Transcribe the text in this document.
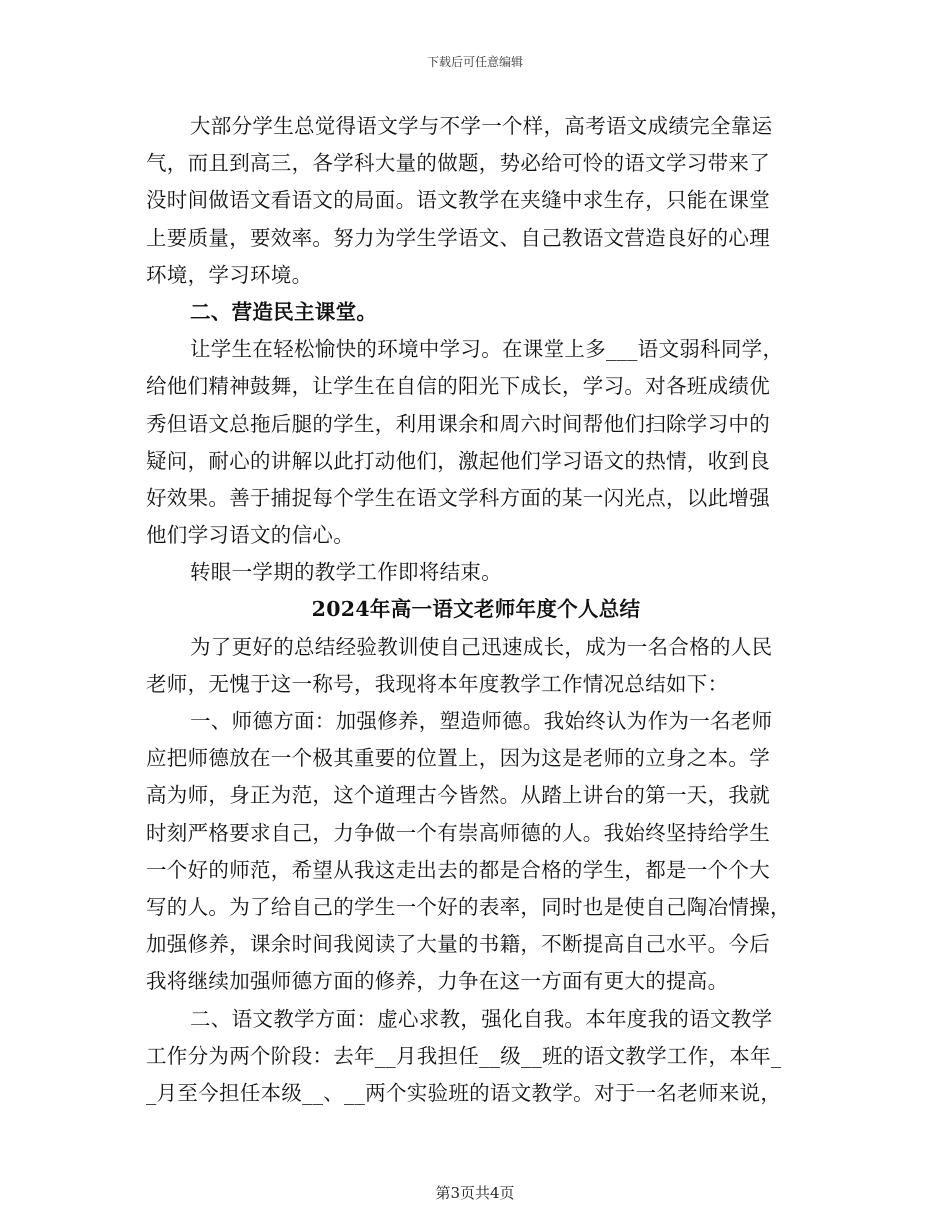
下载后可任意编辑
大部分学生总觉得语文学与不学一个样，高考语文成绩完全靠运
气，而且到高三，各学科大量的做题，势必给可怜的语文学习带来了
没时间做语文看语文的局面。语文教学在夹缝中求生存，只能在课堂
上要质量，要效率。努力为学生学语文、自己教语文营造良好的心理
环境，学习环境。
二、营造民主课堂。
让学生在轻松愉快的环境中学习。在课堂上多___语文弱科同学，
给他们精神鼓舞，让学生在自信的阳光下成长，学习。对各班成绩优
秀但语文总拖后腿的学生，利用课余和周六时间帮他们扫除学习中的
疑问，耐心的讲解以此打动他们，激起他们学习语文的热情，收到良
好效果。善于捕捉每个学生在语文学科方面的某一闪光点，以此增强
他们学习语文的信心。
转眼一学期的教学工作即将结束。
2024年高一语文老师年度个人总结
为了更好的总结经验教训使自己迅速成长，成为一名合格的人民
老师，无愧于这一称号，我现将本年度教学工作情况总结如下：
一、师德方面：加强修养，塑造师德。我始终认为作为一名老师
应把师德放在一个极其重要的位置上，因为这是老师的立身之本。学
高为师，身正为范，这个道理古今皆然。从踏上讲台的第一天，我就
时刻严格要求自己，力争做一个有崇高师德的人。我始终坚持给学生
一个好的师范，希望从我这走出去的都是合格的学生，都是一个个大
写的人。为了给自己的学生一个好的表率，同时也是使自己陶冶情操，
加强修养，课余时间我阅读了大量的书籍，不断提高自己水平。今后
我将继续加强师德方面的修养，力争在这一方面有更大的提高。
二、语文教学方面：虚心求教，强化自我。本年度我的语文教学
工作分为两个阶段：去年__月我担任__级__班的语文教学工作，本年_
_月至今担任本级__、__两个实验班的语文教学。对于一名老师来说，
第3页共4页
